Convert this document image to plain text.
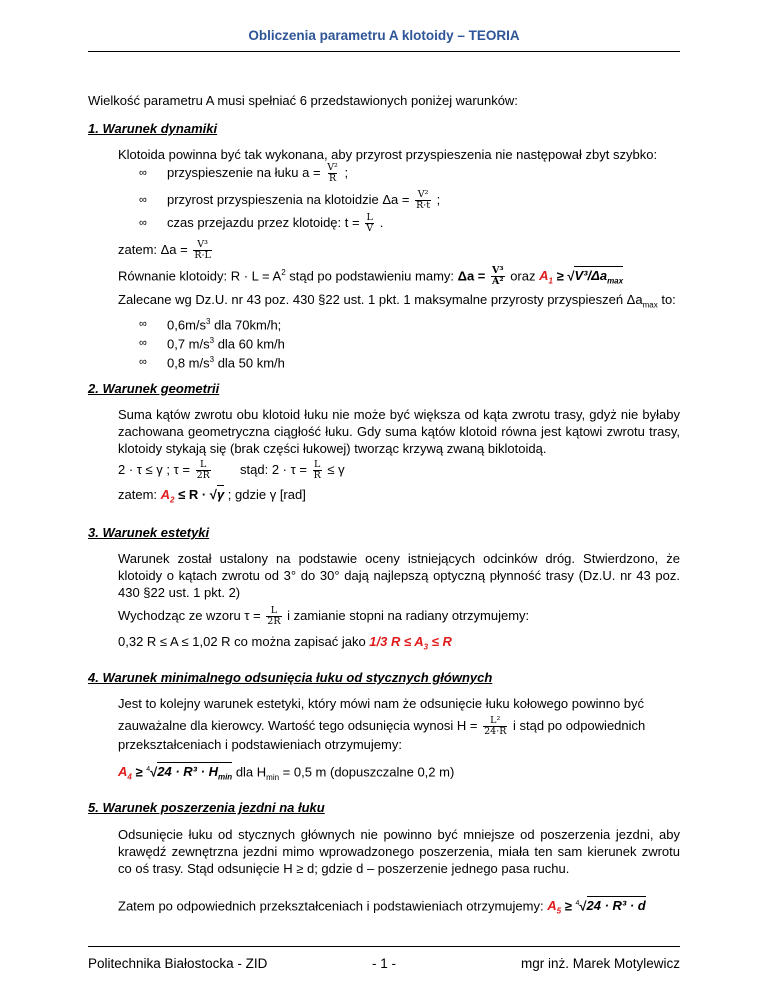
Obliczenia parametru A klotoidy – TEORIA
Wielkość parametru A musi spełniać 6 przedstawionych poniżej warunków:
1. Warunek dynamiki
Klotoida powinna być tak wykonana, aby przyrost przyspieszenia nie następował zbyt szybko:
∞ przyspieszenie na łuku $a = \frac{\text{V²}}{R}$ ;
∞ przyrost przyspieszenia na klotoidzie $\Delta a = \frac{\text{V²}}{R\cdot t}$ ;
∞ czas przejazdu przez klotoidę: $t = \frac{L}{V}$ .
zatem: $\Delta a = \frac{\text{V³}}{R\cdot L}$
Równanie klotoidy: $R \cdot L = A^2$ stąd po podstawieniu mamy: $\Delta a = \frac{\text{V³}}{\text{A²}}$ oraz $A_1 \ge √V^3/\Delta a_{max}$
Zalecane wg Dz.U. nr 43 poz. 430 §22 ust. 1 pkt. 1 maksymalne przyrosty przyspieszeń $\Delta a_{max}$ to:
∞ $0,6m/s^3$ dla 70km/h;
∞ 0,7 $m/s^3$ dla 60 km/h
∞ 0,8 $m/s^3$ dla 50 km/h
2. Warunek geometrii
Suma kątów zwrotu obu klotoid łuku nie może być większa od kąta zwrotu trasy, gdyż nie byłaby zachowana geometryczna ciągłość łuku. Gdy suma kątów klotoid równa jest kątowi zwrotu trasy, klotoidy stykają się (brak części łukowej) tworząc krzywą zwaną biklotoidą.
2 · τ ≤ γ ; $\tau = \frac{L}{2R}$ stąd: $2 \cdot \tau = \frac{L}{R} \le \gamma$
zatem: $A_2 \le R \cdot √\gamma$ ; gdzie γ [rad]
3. Warunek estetyki
Warunek został ustalony na podstawie oceny istniejących odcinków dróg. Stwierdzono, że klotoidy o kątach zwrotu od 3° do 30° dają najlepszą optyczną płynność trasy (Dz.U. nr 43 poz. 430 §22 ust. 1 pkt. 2)
Wychodząc ze wzoru $\tau = \frac{L}{2R}$ i zamianie stopni na radiany otrzymujemy:
0,32 R ≤ A ≤ 1,02 R co można zapisać jako 1/3 $R \le A_3 \le R$
4. Warunek minimalnego odsunięcia łuku od stycznych głównych
Jest to kolejny warunek estetyki, który mówi nam że odsunięcie łuku kołowego powinno być
zauważalne dla kierowcy. Wartość tego odsunięcia wynosi $H = \frac{\text{L²}}{24\cdot R}$ i stąd po odpowiednich
przekształceniach i podstawieniach otrzymujemy:
$A_4 \ge ^4√24 \cdot R^3 \cdot H_{min}$ dla $H_{min} = 0,5$ m (dopuszczalne 0,2 m)
5. Warunek poszerzenia jezdni na łuku
Odsunięcie łuku od stycznych głównych nie powinno być mniejsze od poszerzenia jezdni, aby krawędź zewnętrzna jezdni mimo wprowadzonego poszerzenia, miała ten sam kierunek zwrotu co oś trasy. Stąd odsunięcie H ≥ d; gdzie d – poszerzenie jednego pasa ruchu.
Zatem po odpowiednich przekształceniach i podstawieniach otrzymujemy: $A_5 \ge ^4√24 \cdot R^3 \cdot d$
Politechnika Białostocka - ZID	- 1 -	mgr inż. Marek Motylewicz
